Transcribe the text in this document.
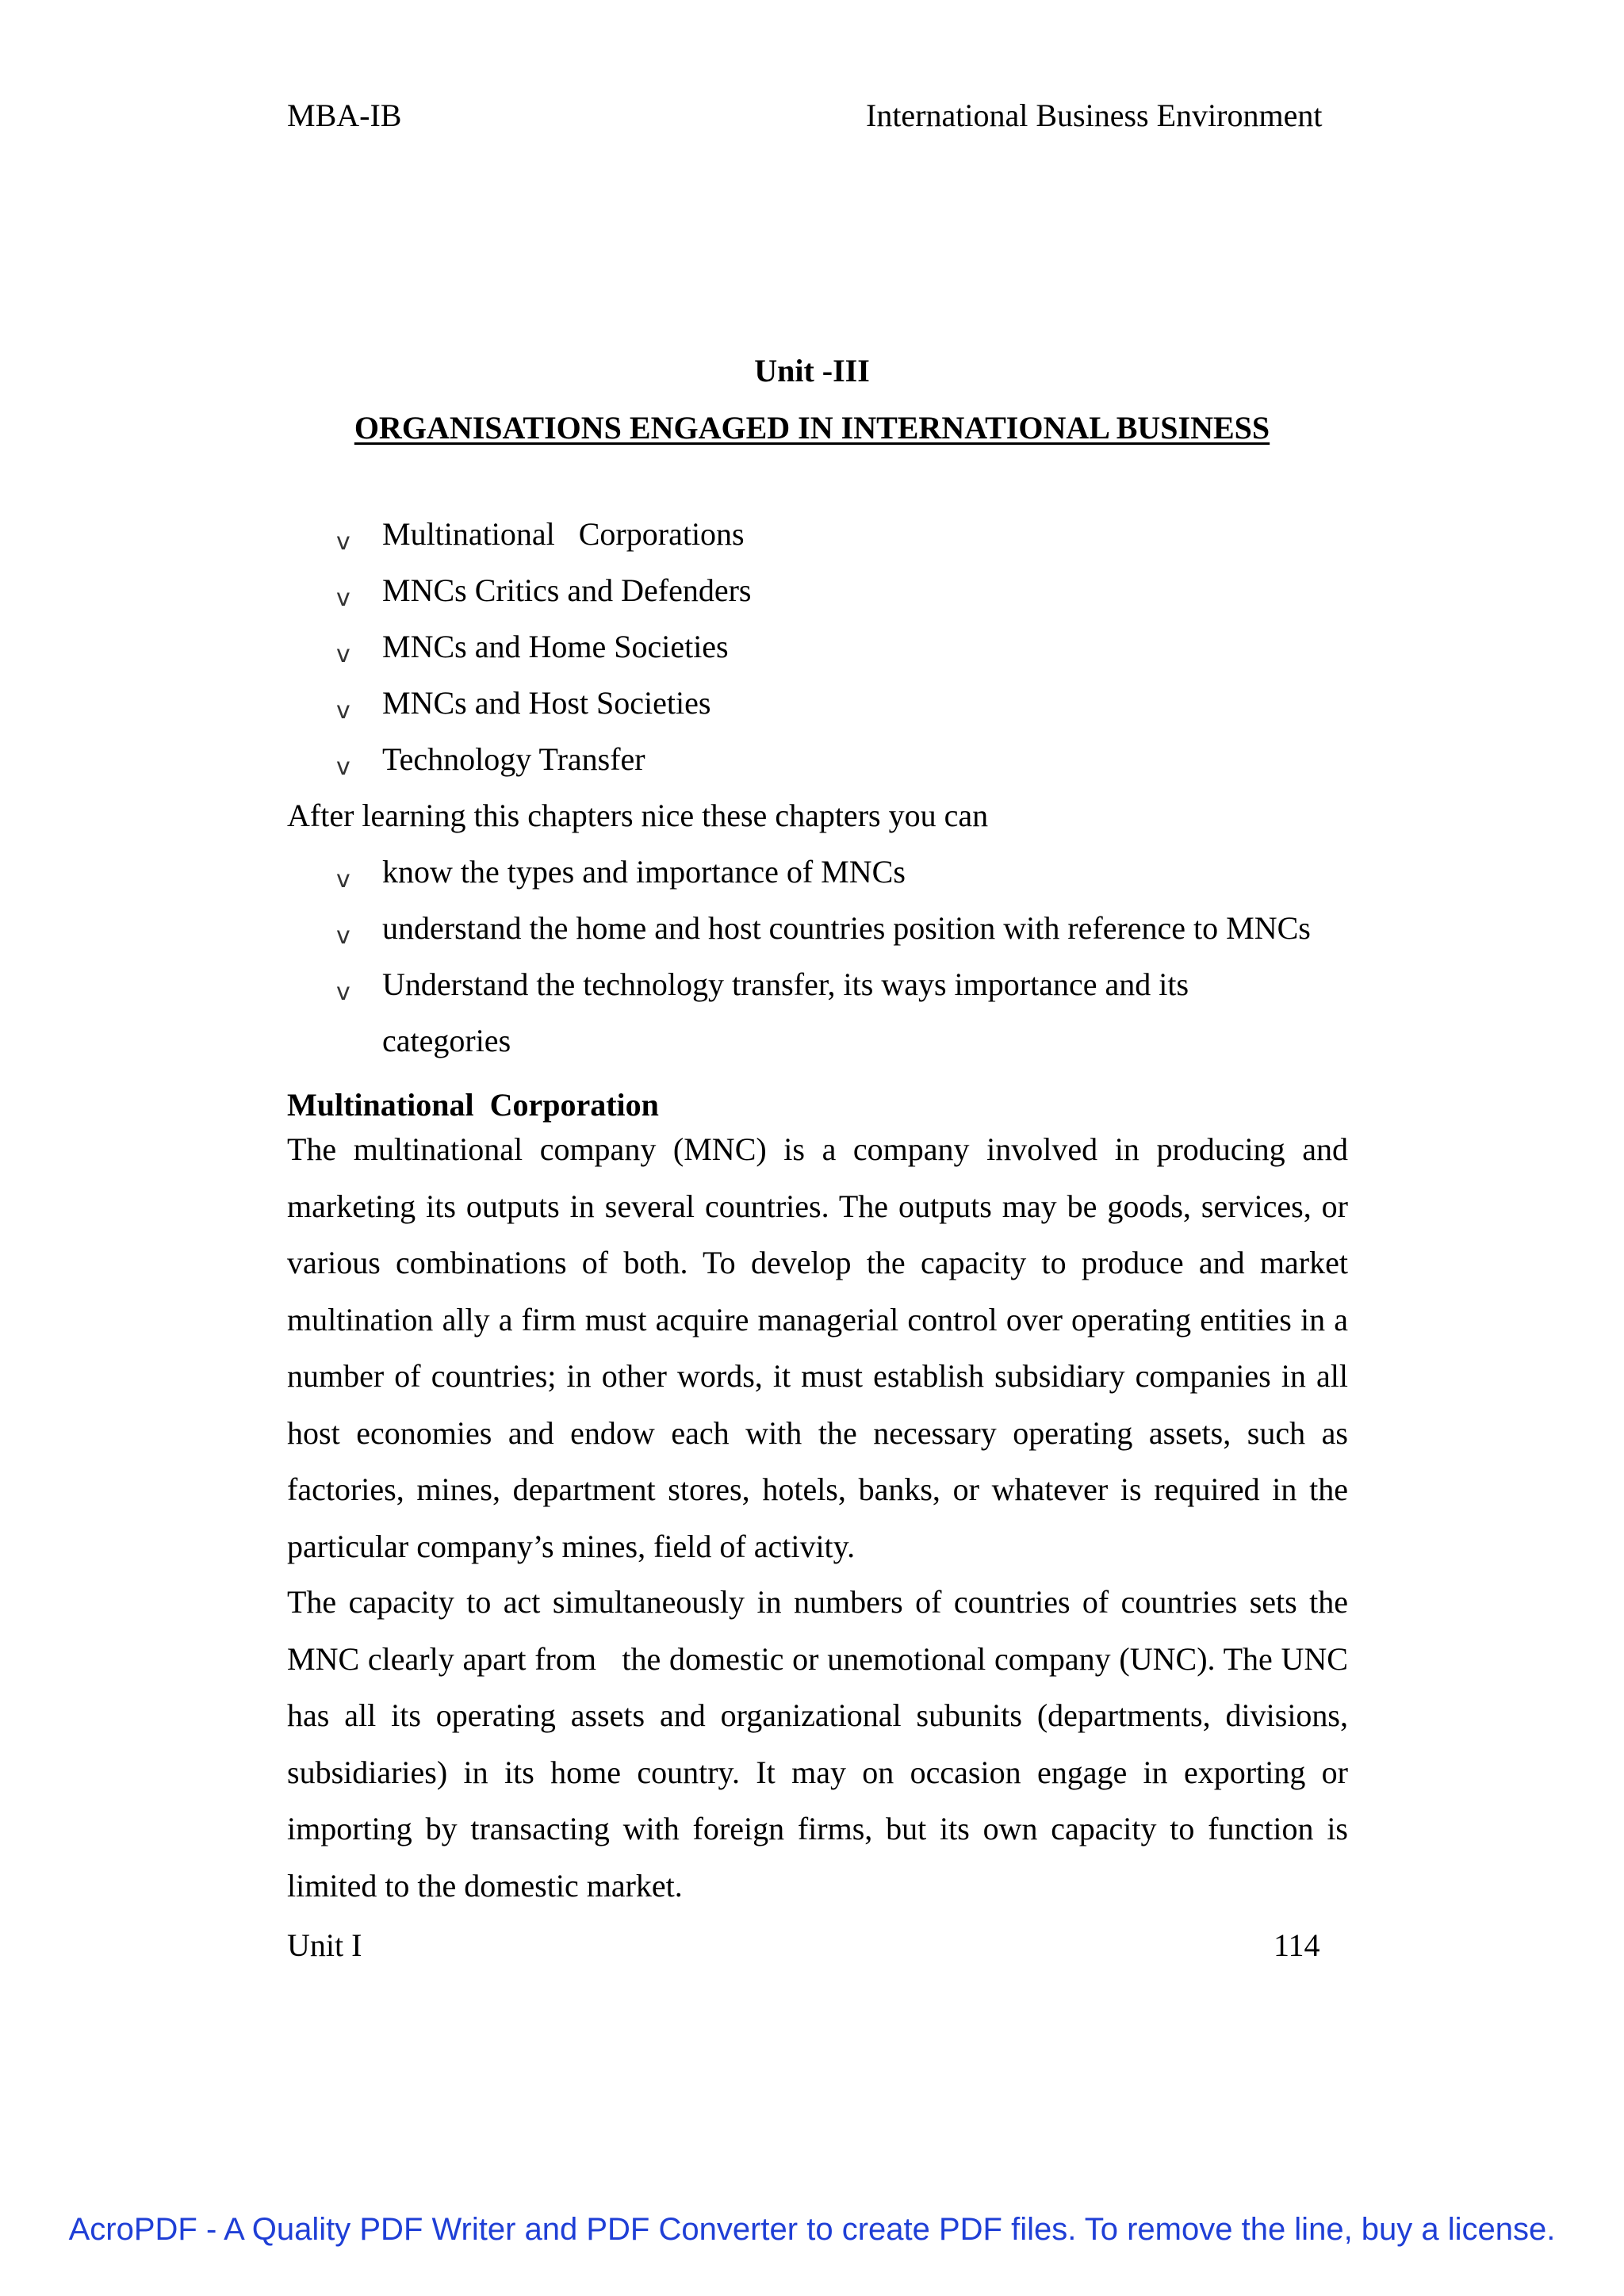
MBA-IB	International Business Environment
Unit -III
ORGANISATIONS ENGAGED IN INTERNATIONAL BUSINESS
v Multinational   Corporations
v MNCs Critics and Defenders
v MNCs and Home Societies
v MNCs and Host Societies
v Technology Transfer
After learning this chapters nice these chapters you can
v know the types and importance of MNCs
v understand the home and host countries position with reference to MNCs
v Understand the technology transfer, its ways importance and its
categories
Multinational  Corporation

The multinational company (MNC) is a company involved in producing and marketing its outputs in several countries. The outputs may be goods, services, or various combinations of both. To develop the capacity to produce and market multination ally a firm must acquire managerial control over operating entities in a number of countries; in other words, it must establish subsidiary companies in all host economies and endow each with the necessary operating assets, such as factories, mines, department stores, hotels, banks, or whatever is required in the particular company’s mines, field of activity.

The capacity to act simultaneously in numbers of countries of countries sets the MNC clearly apart from   the domestic or unemotional company (UNC). The UNC has all its operating assets and organizational subunits (departments, divisions, subsidiaries) in its home country. It may on occasion engage in exporting or importing by transacting with foreign firms, but its own capacity to function is limited to the domestic market.

Unit I	114
AcroPDF - A Quality PDF Writer and PDF Converter to create PDF files. To remove the line, buy a license.
